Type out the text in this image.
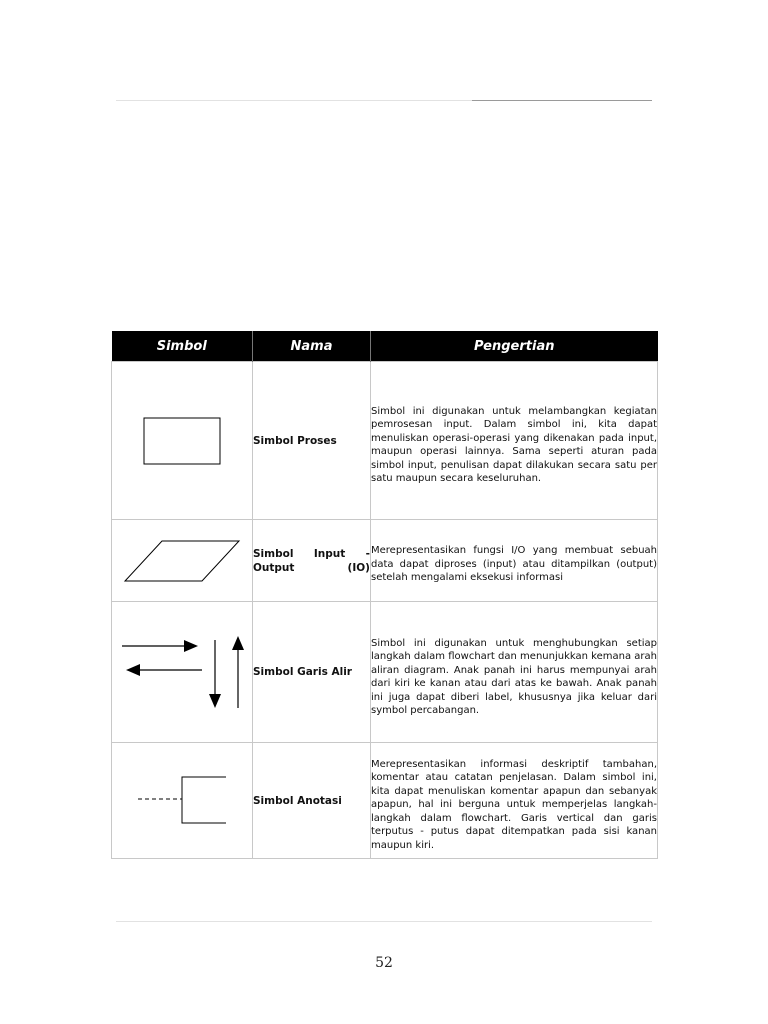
Simbol	Nama	Pengertian

	Simbol Proses	Simbol ini digunakan untuk melambangkan kegiatan pemrosesan input. Dalam simbol ini, kita dapat menuliskan operasi-operasi yang dikenakan pada input, maupun operasi lainnya. Sama seperti aturan pada simbol input, penulisan dapat dilakukan secara satu per satu maupun secara keseluruhan.

	Simbol Input - Output (IO)	Merepresentasikan fungsi I/O yang membuat sebuah data dapat diproses (input) atau ditampilkan (output) setelah mengalami eksekusi informasi

	Simbol Garis Alir	Simbol ini digunakan untuk menghubungkan setiap langkah dalam flowchart dan menunjukkan kemana arah aliran diagram. Anak panah ini harus mempunyai arah dari kiri ke kanan atau dari atas ke bawah. Anak panah ini juga dapat diberi label, khususnya jika keluar dari symbol percabangan.

	Simbol Anotasi	Merepresentasikan informasi deskriptif tambahan, komentar atau catatan penjelasan. Dalam simbol ini, kita dapat menuliskan komentar apapun dan sebanyak apapun, hal ini berguna untuk memperjelas langkah-langkah dalam flowchart. Garis vertical dan garis terputus - putus dapat ditempatkan pada sisi kanan maupun kiri.

52
